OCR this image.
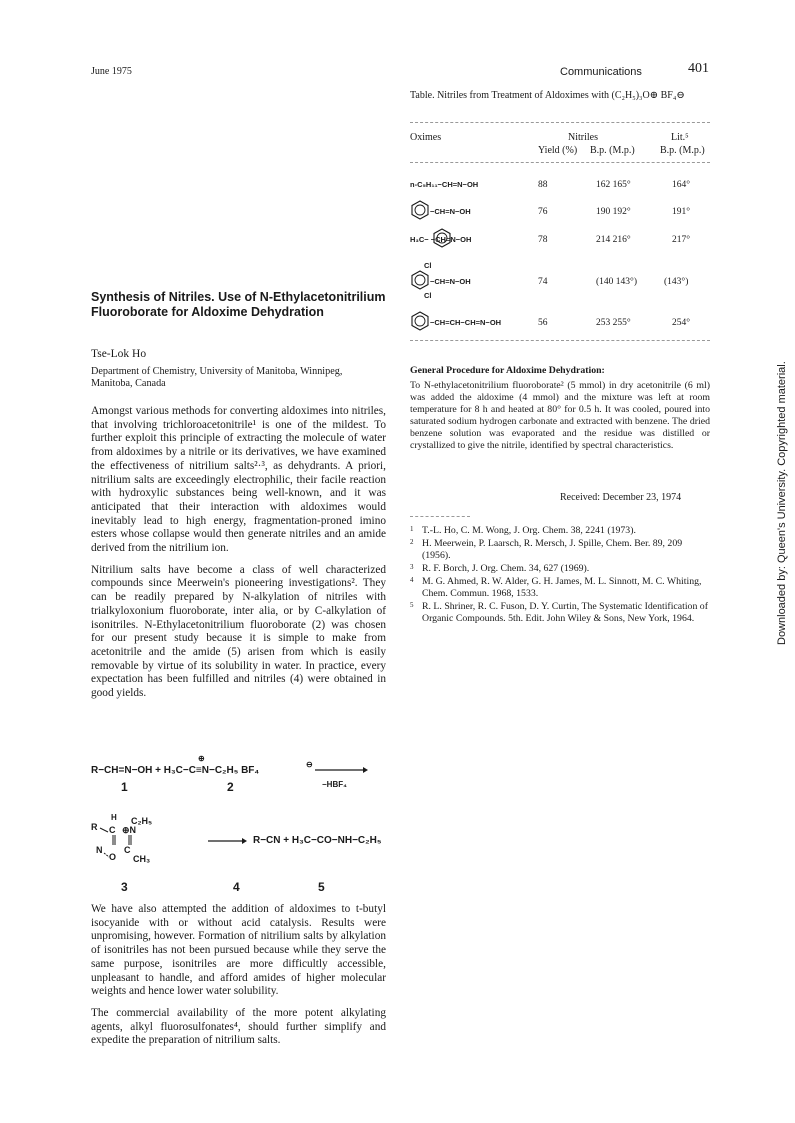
June 1975	Communications	401
Synthesis of Nitriles. Use of N-Ethylacetonitrilium Fluoroborate for Aldoxime Dehydration
Tse-Lok Ho
Department of Chemistry, University of Manitoba, Winnipeg, Manitoba, Canada

Amongst various methods for converting aldoximes into nitriles, that involving trichloroacetonitrile¹ is one of the mildest. To further exploit this principle of extracting the molecule of water from aldoximes by a nitrile or its derivatives, we have examined the effectiveness of nitrilium salts²·³, as dehydrants. A priori, nitrilium salts are exceedingly electrophilic, their facile reaction with hydroxylic substances being well-known, and it was anticipated that their interaction with aldoximes would inevitably lead to high energy, fragmentation-proned imino esters whose collapse would then generate nitriles and an amide derived from the nitrilium ion.

Nitrilium salts have become a class of well characterized compounds since Meerwein's pioneering investigations². They can be readily prepared by N-alkylation of nitriles with trialkyloxonium fluoroborate, inter alia, or by C-alkylation of isonitriles. N-Ethylacetonitrilium fluoroborate (2) was chosen for our present study because it is simple to make from acetonitrile and the amide (5) arisen from which is easily removable by virtue of its solubility in water. In practice, every expectation has been fulfilled and nitriles (4) were obtained in good yields.

R−CH=N−OH + H₃C−C≡N−C₂H₅ BF₄
⊕
⊖ →
−HBF₄
1	2
R
H
C ⊕N
C₂H₅
N
O
C
CH₃
→ R−CN + H₃C−CO−NH−C₂H₅
3	4	5

We have also attempted the addition of aldoximes to t-butyl isocyanide with or without acid catalysis. Results were unpromising, however. Formation of nitrilium salts by alkylation of isonitriles has not been pursued because while they serve the same purpose, isonitriles are more difficultly accessible, unpleasant to handle, and afford amides of higher molecular weights and hence lower water solubility.

The commercial availability of the more potent alkylating agents, alkyl fluorosulfonates⁴, should further simplify and expedite the preparation of nitrilium salts.

Table. Nitriles from Treatment of Aldoximes with (C₂H₅)₃O⊕ BF₄⊖
Oximes	Nitriles	Lit.⁵
Yield (%) B.p. (M.p.)	B.p. (M.p.)
n-C₅H₁₁−CH=N−OH	88	162 165°	164°
−CH=N−OH	76	190 192°	191°
H₃C− −CH=N−OH	78	214 216°	217°
Cl
−CH=N−OH
Cl
74	(140 143°)	(143°)
−CH=CH−CH=N−OH	56	253 255°	254°
General Procedure for Aldoxime Dehydration:
To N-ethylacetonitrilium fluoroborate² (5 mmol) in dry acetonitrile (6 ml) was added the aldoxime (4 mmol) and the mixture was left at room temperature for 8 h and heated at 80° for 0.5 h. It was cooled, poured into saturated sodium hydrogen carbonate and extracted with benzene. The dried benzene solution was evaporated and the residue was distilled or crystallized to give the nitrile, identified by spectral characteristics.
Received: December 23, 1974
1 T.-L. Ho, C. M. Wong, J. Org. Chem. 38, 2241 (1973).
2 H. Meerwein, P. Laarsch, R. Mersch, J. Spille, Chem. Ber. 89, 209 (1956).
3 R. F. Borch, J. Org. Chem. 34, 627 (1969).
4 M. G. Ahmed, R. W. Alder, G. H. James, M. L. Sinnott, M. C. Whiting, Chem. Commun. 1968, 1533.
5 R. L. Shriner, R. C. Fuson, D. Y. Curtin, The Systematic Identification of Organic Compounds. 5th. Edit. John Wiley & Sons, New York, 1964.	Downloaded by: Queen's University. Copyrighted material.
